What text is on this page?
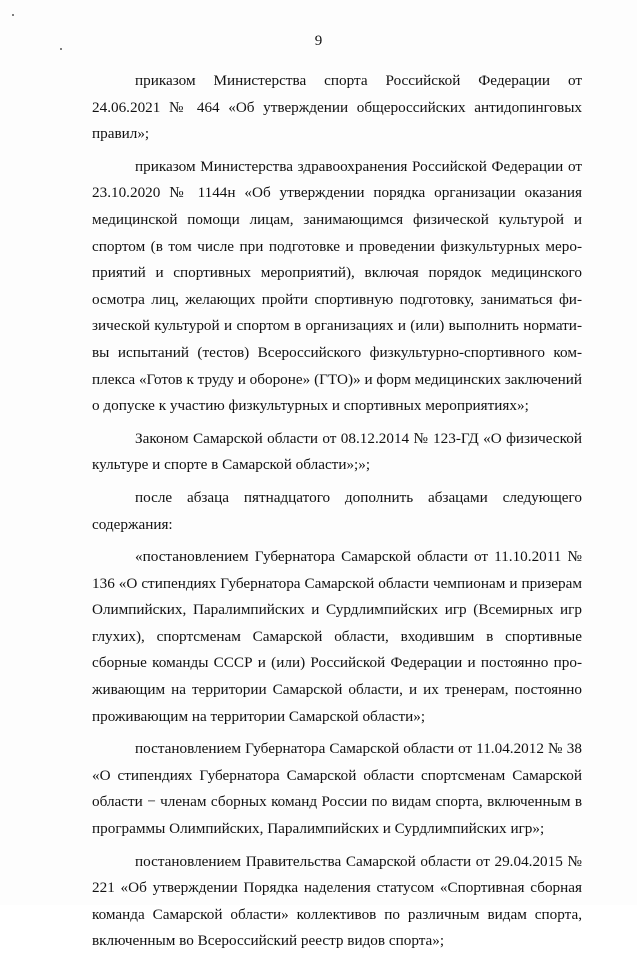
9

приказом Министерства спорта Российской Федерации от 24.06.2021 № 464 «Об утверждении общероссийских антидопинговых правил»;

приказом Министерства здравоохранения Российской Федерации от 23.10.2020 № 1144н «Об утверждении порядка организации оказания медицинской помощи лицам, занимающимся физической культурой и спортом (в том числе при подготовке и проведении физкультурных мероприятий и спортивных мероприятий), включая порядок медицинского осмотра лиц, желающих пройти спортивную подготовку, заниматься физической культурой и спортом в организациях и (или) выполнить нормативы испытаний (тестов) Всероссийского физкультурно-спортивного комплекса «Готов к труду и обороне» (ГТО)» и форм медицинских заключений о допуске к участию физкультурных и спортивных мероприятиях»;

Законом Самарской области от 08.12.2014 № 123-ГД «О физической культуре и спорте в Самарской области»;»;

после абзаца пятнадцатого дополнить абзацами следующего содержания:

«постановлением Губернатора Самарской области от 11.10.2011 № 136 «О стипендиях Губернатора Самарской области чемпионам и призерам Олимпийских, Паралимпийских и Сурдлимпийских игр (Всемирных игр глухих), спортсменам Самарской области, входившим в спортивные сборные команды СССР и (или) Российской Федерации и постоянно проживающим на территории Самарской области, и их тренерам, постоянно проживающим на территории Самарской области»;

постановлением Губернатора Самарской области от 11.04.2012 № 38 «О стипендиях Губернатора Самарской области спортсменам Самарской области − членам сборных команд России по видам спорта, включенным в программы Олимпийских, Паралимпийских и Сурдлимпийских игр»;

постановлением Правительства Самарской области от 29.04.2015 № 221 «Об утверждении Порядка наделения статусом «Спортивная сборная команда Самарской области» коллективов по различным видам спорта, включенным во Всероссийский реестр видов спорта»;
